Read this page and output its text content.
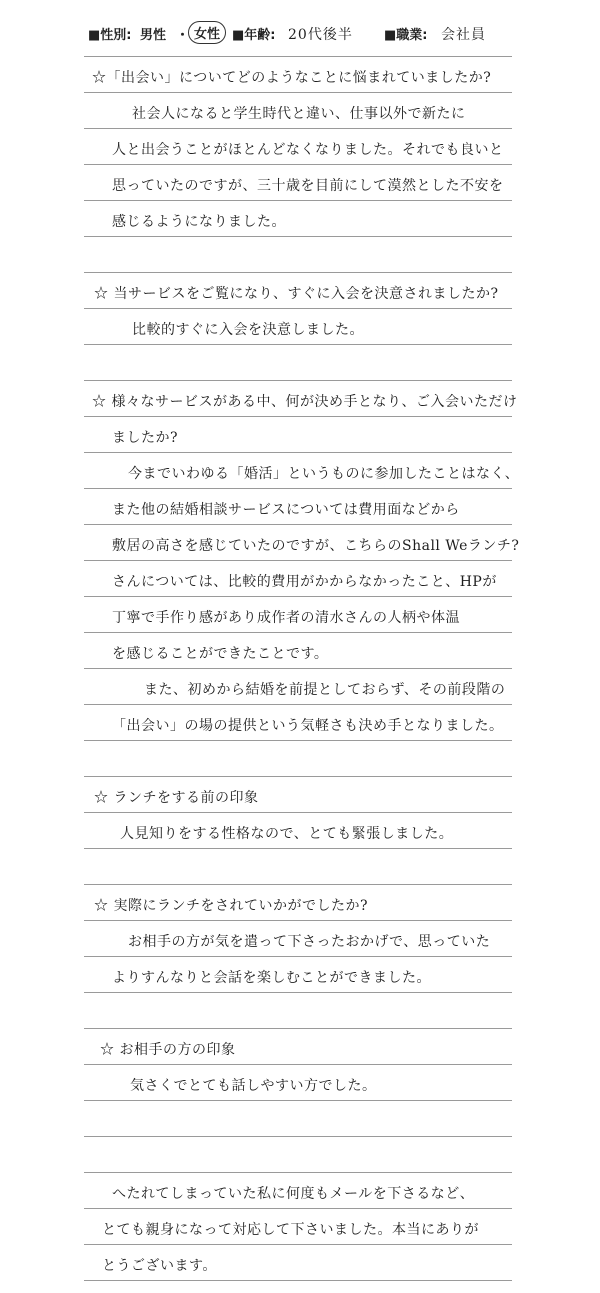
■性別: 男性 ・ 女性 ■年齢: 20代後半 ■職業: 会社員
☆「出会い」についてどのようなことに悩まれていましたか?
社会人になると学生時代と違い、仕事以外で新たに
人と出会うことがほとんどなくなりました。それでも良いと
思っていたのですが、三十歳を目前にして漠然とした不安を
感じるようになりました。
☆ 当サービスをご覧になり、すぐに入会を決意されましたか?
比較的すぐに入会を決意しました。
☆ 様々なサービスがある中、何が決め手となり、ご入会いただけ
ましたか?
今までいわゆる「婚活」というものに参加したことはなく、
また他の結婚相談サービスについては費用面などから
敷居の高さを感じていたのですが、こちらのShall Weランチ?
さんについては、比較的費用がかからなかったこと、HPが
丁寧で手作り感があり成作者の清水さんの人柄や体温
を感じることができたことです。
また、初めから結婚を前提としておらず、その前段階の
「出会い」の場の提供という気軽さも決め手となりました。
☆ ランチをする前の印象
人見知りをする性格なので、とても緊張しました。
☆ 実際にランチをされていかがでしたか?
お相手の方が気を遣って下さったおかげで、思っていた
よりすんなりと会話を楽しむことができました。
☆ お相手の方の印象
気さくでとても話しやすい方でした。
へたれてしまっていた私に何度もメールを下さるなど、
とても親身になって対応して下さいました。本当にありが
とうございます。
